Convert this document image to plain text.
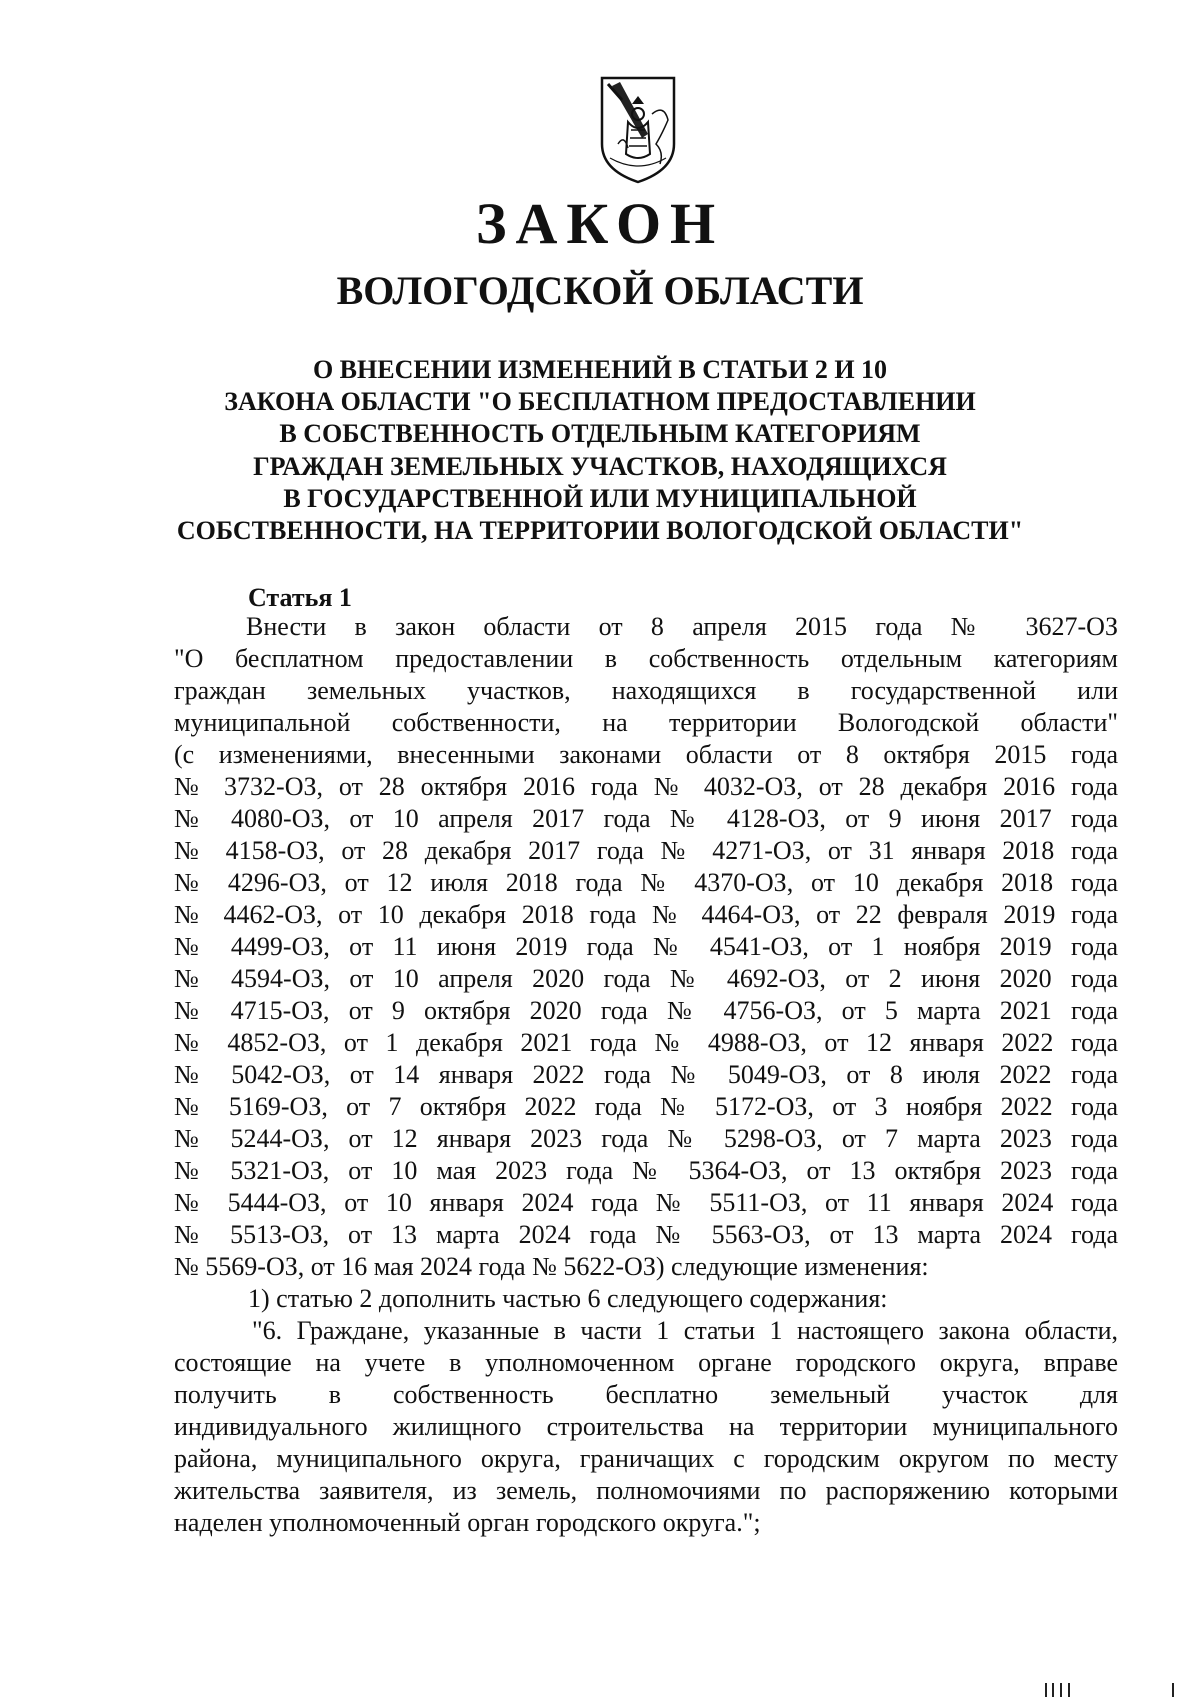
ЗАКОН
ВОЛОГОДСКОЙ ОБЛАСТИ
О ВНЕСЕНИИ ИЗМЕНЕНИЙ В СТАТЬИ 2 И 10
ЗАКОНА ОБЛАСТИ "О БЕСПЛАТНОМ ПРЕДОСТАВЛЕНИИ
В СОБСТВЕННОСТЬ ОТДЕЛЬНЫМ КАТЕГОРИЯМ
ГРАЖДАН ЗЕМЕЛЬНЫХ УЧАСТКОВ, НАХОДЯЩИХСЯ
В ГОСУДАРСТВЕННОЙ ИЛИ МУНИЦИПАЛЬНОЙ
СОБСТВЕННОСТИ, НА ТЕРРИТОРИИ ВОЛОГОДСКОЙ ОБЛАСТИ"
Статья 1
Внести в закон области от 8 апреля 2015 года № 3627-ОЗ
"О бесплатном предоставлении в собственность отдельным категориям
граждан земельных участков, находящихся в государственной или
муниципальной собственности, на территории Вологодской области"
(с изменениями, внесенными законами области от 8 октября 2015 года
№ 3732-ОЗ, от 28 октября 2016 года № 4032-ОЗ, от 28 декабря 2016 года
№ 4080-ОЗ, от 10 апреля 2017 года № 4128-ОЗ, от 9 июня 2017 года
№ 4158-ОЗ, от 28 декабря 2017 года № 4271-ОЗ, от 31 января 2018 года
№ 4296-ОЗ, от 12 июля 2018 года № 4370-ОЗ, от 10 декабря 2018 года
№ 4462-ОЗ, от 10 декабря 2018 года № 4464-ОЗ, от 22 февраля 2019 года
№ 4499-ОЗ, от 11 июня 2019 года № 4541-ОЗ, от 1 ноября 2019 года
№ 4594-ОЗ, от 10 апреля 2020 года № 4692-ОЗ, от 2 июня 2020 года
№ 4715-ОЗ, от 9 октября 2020 года № 4756-ОЗ, от 5 марта 2021 года
№ 4852-ОЗ, от 1 декабря 2021 года № 4988-ОЗ, от 12 января 2022 года
№ 5042-ОЗ, от 14 января 2022 года № 5049-ОЗ, от 8 июля 2022 года
№ 5169-ОЗ, от 7 октября 2022 года № 5172-ОЗ, от 3 ноября 2022 года
№ 5244-ОЗ, от 12 января 2023 года № 5298-ОЗ, от 7 марта 2023 года
№ 5321-ОЗ, от 10 мая 2023 года № 5364-ОЗ, от 13 октября 2023 года
№ 5444-ОЗ, от 10 января 2024 года № 5511-ОЗ, от 11 января 2024 года
№ 5513-ОЗ, от 13 марта 2024 года № 5563-ОЗ, от 13 марта 2024 года
№ 5569-ОЗ, от 16 мая 2024 года № 5622-ОЗ) следующие изменения:
1) статью 2 дополнить частью 6 следующего содержания:
"6. Граждане, указанные в части 1 статьи 1 настоящего закона области,
состоящие на учете в уполномоченном органе городского округа, вправе
получить в собственность бесплатно земельный участок для
индивидуального жилищного строительства на территории муниципального
района, муниципального округа, граничащих с городским округом по месту
жительства заявителя, из земель, полномочиями по распоряжению которыми
наделен уполномоченный орган городского округа.";
